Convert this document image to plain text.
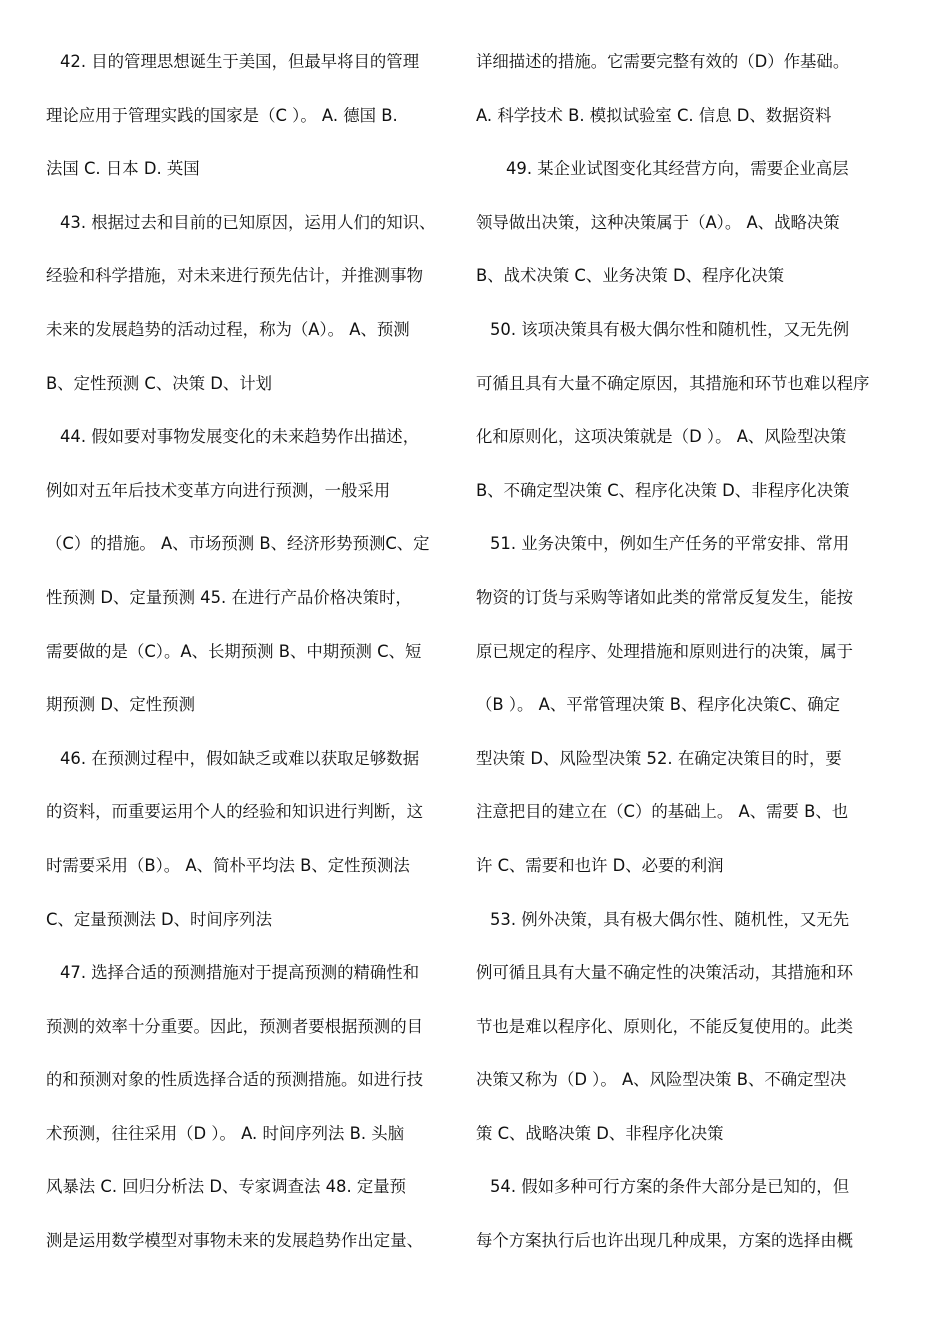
42. 目的管理思想诞生于美国，但最早将目的管理
理论应用于管理实践的国家是（C ）。 A. 德国 B.
法国 C. 日本 D. 英国
43. 根据过去和目前的已知原因，运用人们的知识、
经验和科学措施，对未来进行预先估计，并推测事物
未来的发展趋势的活动过程，称为（A）。 A、预测
B、定性预测 C、决策 D、计划
44. 假如要对事物发展变化的未来趋势作出描述，
例如对五年后技术变革方向进行预测，一般采用
（C）的措施。 A、市场预测 B、经济形势预测C、定
性预测 D、定量预测 45. 在进行产品价格决策时，
需要做的是（C）。A、长期预测 B、中期预测 C、短
期预测 D、定性预测
46. 在预测过程中，假如缺乏或难以获取足够数据
的资料，而重要运用个人的经验和知识进行判断，这
时需要采用（B）。 A、简朴平均法 B、定性预测法
C、定量预测法 D、时间序列法
47. 选择合适的预测措施对于提高预测的精确性和
预测的效率十分重要。因此，预测者要根据预测的目
的和预测对象的性质选择合适的预测措施。如进行技
术预测，往往采用（D ）。 A. 时间序列法 B. 头脑
风暴法 C. 回归分析法 D、专家调查法 48. 定量预
测是运用数学模型对事物未来的发展趋势作出定量、
详细描述的措施。它需要完整有效的（D）作基础。
A. 科学技术 B. 模拟试验室 C. 信息 D、数据资料
49. 某企业试图变化其经营方向，需要企业高层
领导做出决策，这种决策属于（A）。 A、战略决策
B、战术决策 C、业务决策 D、程序化决策
50. 该项决策具有极大偶尔性和随机性，又无先例
可循且具有大量不确定原因，其措施和环节也难以程序
化和原则化，这项决策就是（D ）。 A、风险型决策
B、不确定型决策 C、程序化决策 D、非程序化决策
51. 业务决策中，例如生产任务的平常安排、常用
物资的订货与采购等诸如此类的常常反复发生，能按
原已规定的程序、处理措施和原则进行的决策，属于
（B ）。 A、平常管理决策 B、程序化决策C、确定
型决策 D、风险型决策 52. 在确定决策目的时，要
注意把目的建立在（C）的基础上。 A、需要 B、也
许 C、需要和也许 D、必要的利润
53. 例外决策，具有极大偶尔性、随机性，又无先
例可循且具有大量不确定性的决策活动，其措施和环
节也是难以程序化、原则化，不能反复使用的。此类
决策又称为（D ）。 A、风险型决策 B、不确定型决
策 C、战略决策 D、非程序化决策
54. 假如多种可行方案的条件大部分是已知的，但
每个方案执行后也许出现几种成果，方案的选择由概
